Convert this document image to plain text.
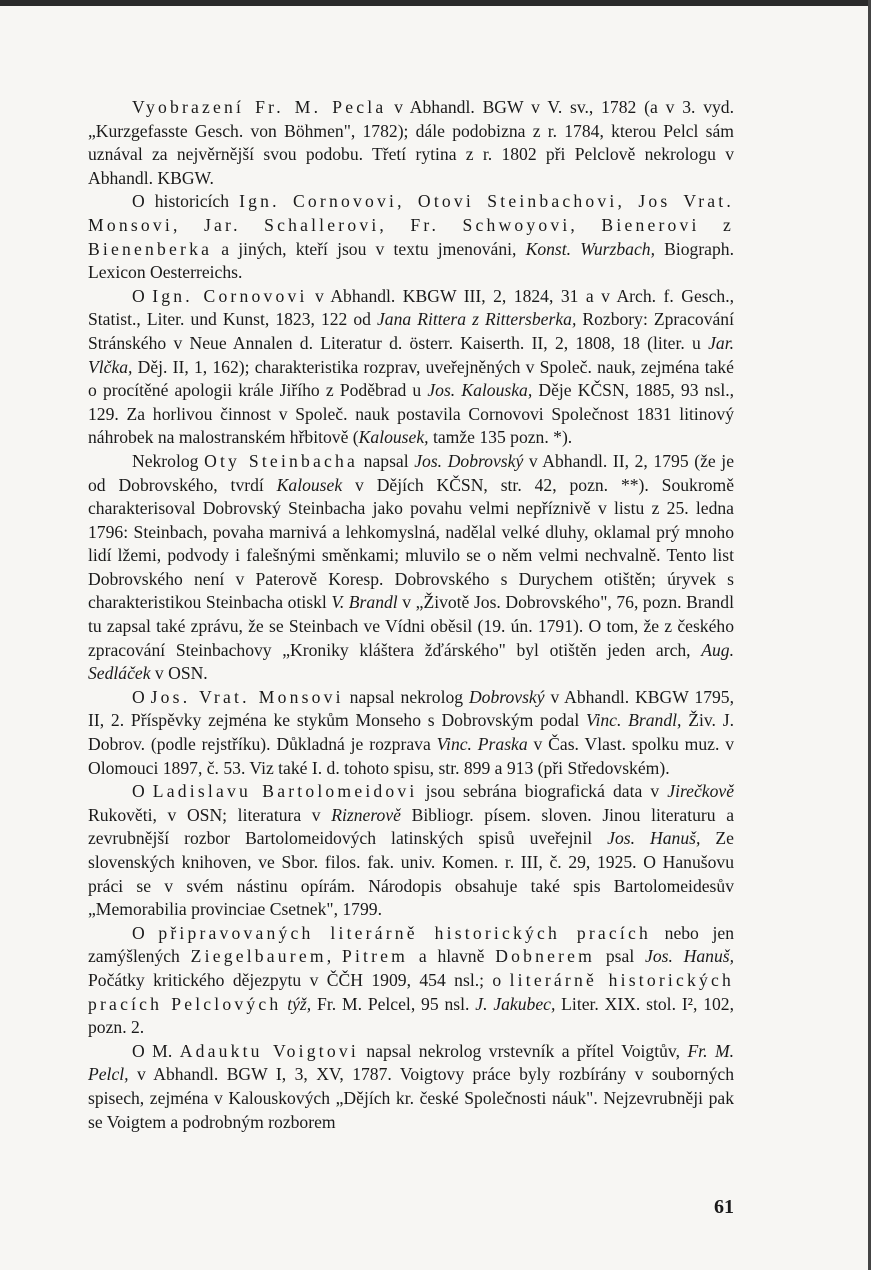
Vyobrazení Fr. M. Pecla v Abhandl. BGW v V. sv., 1782 (a v 3. vyd. „Kurzgefasste Gesch. von Böhmen", 1782); dále podobizna z r. 1784, kterou Pelcl sám uznával za nejvěrnější svou podobu. Třetí rytina z r. 1802 při Pelclově nekrologu v Abhandl. KBGW.

O historicích Ign. Cornovovi, Otovi Steinbachovi, Jos Vrat. Monsovi, Jar. Schallerovi, Fr. Schwoyovi, Bienerovi z Bienenberka a jiných, kteří jsou v textu jmenováni, Konst. Wurzbach, Biograph. Lexicon Oesterreichs.

O Ign. Cornovovi v Abhandl. KBGW III, 2, 1824, 31 a v Arch. f. Gesch., Statist., Liter. und Kunst, 1823, 122 od Jana Rittera z Rittersberka, Rozbory: Zpracování Stránského v Neue Annalen d. Literatur d. österr. Kaiserth. II, 2, 1808, 18 (liter. u Jar. Vlčka, Děj. II, 1, 162); charakteristika rozprav, uveřejněných v Společ. nauk, zejména také o procítěné apologii krále Jiřího z Poděbrad u Jos. Kalouska, Děje KČSN, 1885, 93 nsl., 129. Za horlivou činnost v Společ. nauk postavila Cornovovi Společnost 1831 litinový náhrobek na malostranském hřbitově (Kalousek, tamže 135 pozn. *).

Nekrolog Oty Steinbacha napsal Jos. Dobrovský v Abhandl. II, 2, 1795 (že je od Dobrovského, tvrdí Kalousek v Dějích KČSN, str. 42, pozn. **). Soukromě charakterisoval Dobrovský Steinbacha jako povahu velmi nepříznivě v listu z 25. ledna 1796: Steinbach, povaha marnivá a lehkomyslná, nadělal velké dluhy, oklamal prý mnoho lidí lžemi, podvody i falešnými směnkami; mluvilo se o něm velmi nechvalně. Tento list Dobrovského není v Paterově Koresp. Dobrovského s Durychem otištěn; úryvek s charakteristikou Steinbacha otiskl V. Brandl v „Životě Jos. Dobrovského", 76, pozn. Brandl tu zapsal také zprávu, že se Steinbach ve Vídni oběsil (19. ún. 1791). O tom, že z českého zpracování Steinbachovy „Kroniky kláštera žďárského" byl otištěn jeden arch, Aug. Sedláček v OSN.

O Jos. Vrat. Monsovi napsal nekrolog Dobrovský v Abhandl. KBGW 1795, II, 2. Příspěvky zejména ke stykům Monseho s Dobrovským podal Vinc. Brandl, Živ. J. Dobrov. (podle rejstříku). Důkladná je rozprava Vinc. Praska v Čas. Vlast. spolku muz. v Olomouci 1897, č. 53. Viz také I. d. tohoto spisu, str. 899 a 913 (při Středovském).

O Ladislavu Bartolomeidovi jsou sebrána biografická data v Jirečkově Rukověti, v OSN; literatura v Riznerově Bibliogr. písem. sloven. Jinou literaturu a zevrubnější rozbor Bartolomeidových latinských spisů uveřejnil Jos. Hanuš, Ze slovenských knihoven, ve Sbor. filos. fak. univ. Komen. r. III, č. 29, 1925. O Hanušovu práci se v svém nástinu opírám. Národopis obsahuje také spis Bartolomeidesův „Memorabilia provinciae Csetnek", 1799.

O připravovaných literárně historických pracích nebo jen zamýšlených Ziegelbaurem, Pitrem a hlavně Dobnerem psal Jos. Hanuš, Počátky kritického dějezpytu v ČČH 1909, 454 nsl.; o literárně historických pracích Pelclových týž, Fr. M. Pelcel, 95 nsl. J. Jakubec, Liter. XIX. stol. I², 102, pozn. 2.

O M. Adauktu Voigtovi napsal nekrolog vrstevník a přítel Voigtův, Fr. M. Pelcl, v Abhandl. BGW I, 3, XV, 1787. Voigtovy práce byly rozbírány v souborných spisech, zejména v Kalouskových „Dějích kr. české Společnosti náuk". Nejzevrubněji pak se Voigtem a podrobným rozborem

61
